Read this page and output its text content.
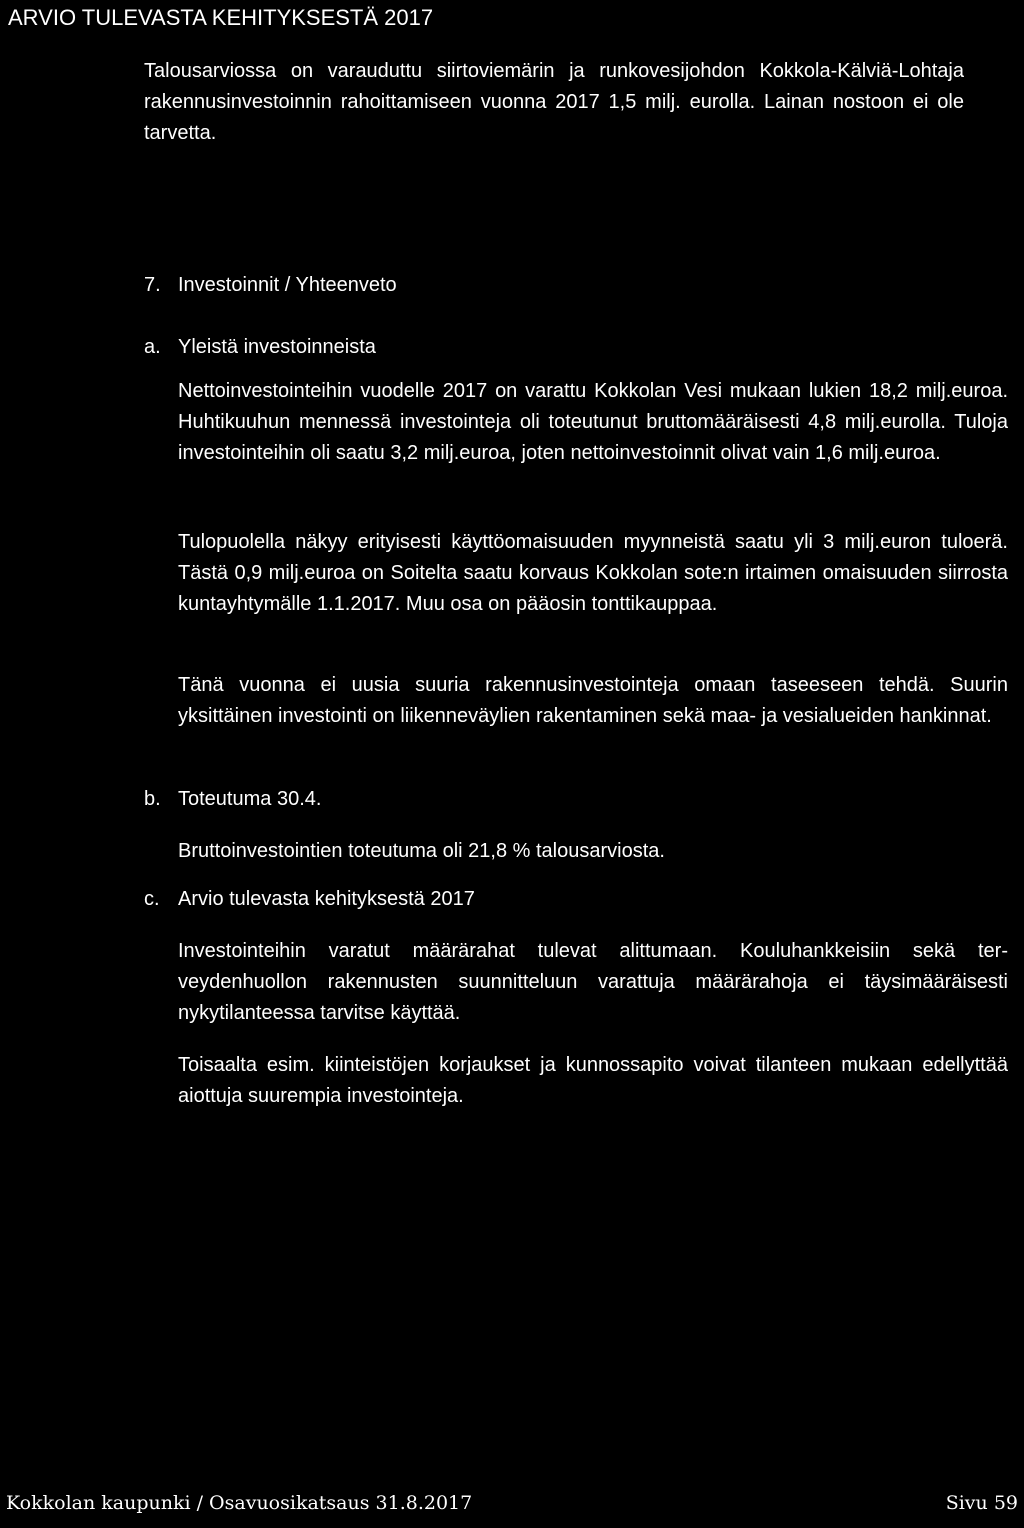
ARVIO TULEVASTA KEHITYKSESTÄ 2017

Talousarviossa on varauduttu siirtoviemärin ja runkovesijohdon Kokkola-Kälviä-Lohtaja rakennusinvestoinnin rahoittamiseen vuonna 2017 1,5 milj. eurolla. Lainan nostoon ei ole tarvetta.

7. Investoinnit / Yhteenveto
a. Yleistä investoinneista

Nettoinvestointeihin vuodelle 2017 on varattu Kokkolan Vesi mukaan lukien 18,2 milj.euroa. Huhtikuuhun mennessä investointeja oli toteutunut bruttomääräisesti 4,8 milj.eurolla. Tuloja investointeihin oli saatu 3,2 milj.euroa, joten nettoinvestoinnit olivat vain 1,6 milj.euroa.

Tulopuolella näkyy erityisesti käyttöomaisuuden myynneistä saatu yli 3 milj.euron tuloerä. Tästä 0,9 milj.euroa on Soitelta saatu korvaus Kokkolan sote:n irtaimen omaisuuden siirrosta kuntayhtymälle 1.1.2017. Muu osa on pääosin tonttikauppaa.

Tänä vuonna ei uusia suuria rakennusinvestointeja omaan taseeseen tehdä. Suurin yksittäinen investointi on liikenneväylien rakentaminen sekä maa- ja vesialueiden hankinnat.

b. Toteutuma 30.4.

Bruttoinvestointien toteutuma oli 21,8 % talousarviosta.

c. Arvio tulevasta kehityksestä 2017

Investointeihin varatut määrärahat tulevat alittumaan. Kouluhankkeisiin sekä terveydenhuollon rakennusten suunnitteluun varattuja määrärahoja ei täysimääräisesti nykytilanteessa tarvitse käyttää.

Toisaalta esim. kiinteistöjen korjaukset ja kunnossapito voivat tilanteen mukaan edellyttää aiottuja suurempia investointeja.

Kokkolan kaupunki / Osavuosikatsaus 31.8.2017	Sivu 59
